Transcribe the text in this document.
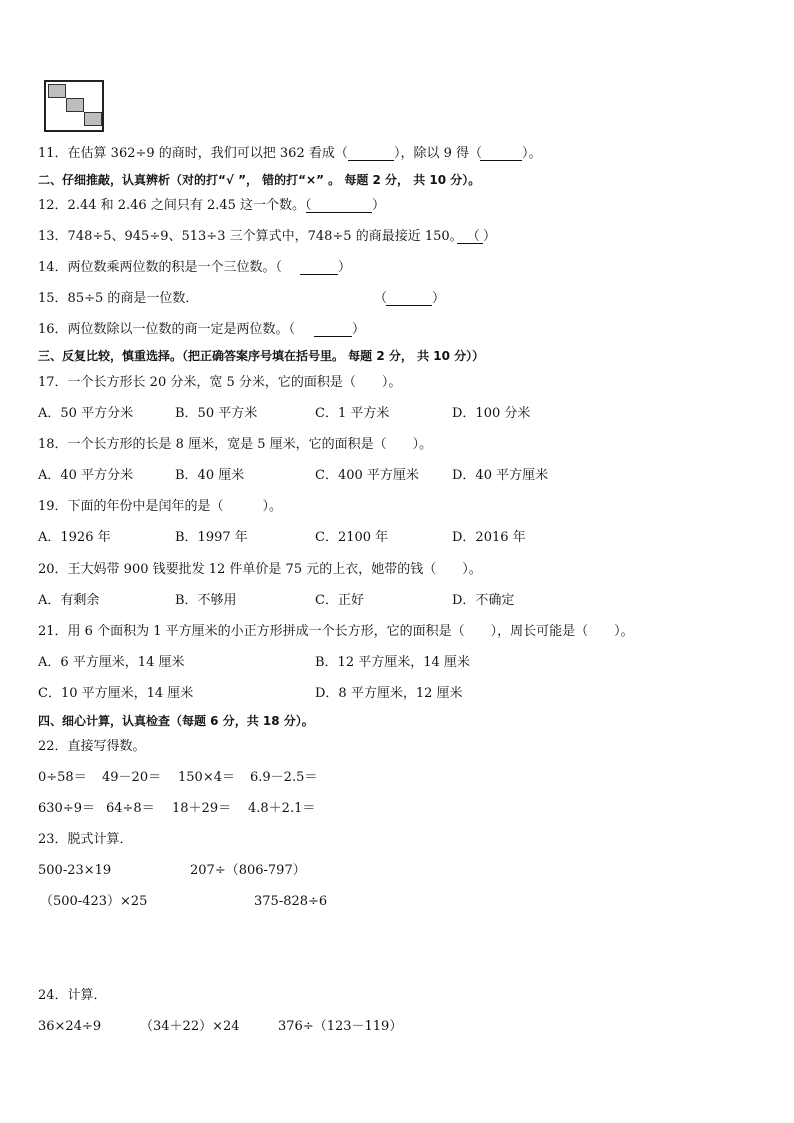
11．在估算 362÷9 的商时，我们可以把 362 看成（	），除以 9 得（	）。
二、仔细推敲，认真辨析（对的打“√ ”， 错的打“×” 。 每题 2 分， 共 10 分）。
12．2.44 和 2.46 之间只有 2.45 这一个数。（	）
13．748÷5、945÷9、513÷3 三个算式中，748÷5 的商最接近 150。 （ ）
14．两位数乘两位数的积是一个三位数。（	）
15．85÷5 的商是一位数．	（	）
16．两位数除以一位数的商一定是两位数。（	）
三、反复比较，慎重选择。（把正确答案序号填在括号里。 每题 2 分， 共 10 分））
17．一个长方形长 20 分米，宽 5 分米，它的面积是（　　）。
A．50 平方分米	B．50 平方米	C．1 平方米	D．100 分米
18．一个长方形的长是 8 厘米，宽是 5 厘米，它的面积是（　　）。
A．40 平方分米	B．40 厘米	C．400 平方厘米	D．40 平方厘米
19．下面的年份中是闰年的是（　　　）。
A．1926 年	B．1997 年	C．2100 年	D．2016 年
20．王大妈带 900 钱要批发 12 件单价是 75 元的上衣，她带的钱（　　）。
A．有剩余	B．不够用	C．正好	D．不确定
21．用 6 个面积为 1 平方厘米的小正方形拼成一个长方形，它的面积是（　　），周长可能是（　　）。
A．6 平方厘米，14 厘米	B．12 平方厘米，14 厘米
C．10 平方厘米，14 厘米	D．8 平方厘米，12 厘米
四、细心计算，认真检查（每题 6 分，共 18 分）。
22．直接写得数。
0÷58＝ 49－20＝ 150×4＝ 6.9－2.5＝
630÷9＝ 64÷8＝ 18＋29＝ 4.8＋2.1＝
23．脱式计算．
500-23×19	207÷（806-797）
（500-423）×25	375-828÷6
24．计算．
36×24÷9	（34＋22）×24	376÷（123－119）
